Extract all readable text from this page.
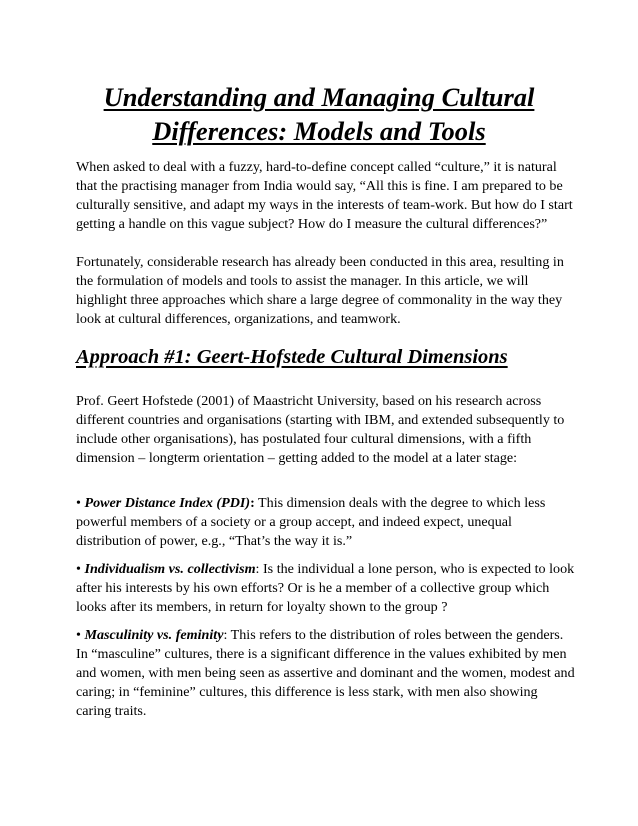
Understanding and Managing Cultural
Differences: Models and Tools

When asked to deal with a fuzzy, hard-to-define concept called “culture,” it is natural that the practising manager from India would say, “All this is fine. I am prepared to be culturally sensitive, and adapt my ways in the interests of team-work. But how do I start getting a handle on this vague subject? How do I measure the cultural differences?”

Fortunately, considerable research has already been conducted in this area, resulting in the formulation of models and tools to assist the manager. In this article, we will highlight three approaches which share a large degree of commonality in the way they look at cultural differences, organizations, and teamwork.

Approach #1: Geert-Hofstede Cultural Dimensions

Prof. Geert Hofstede (2001) of Maastricht University, based on his research across different countries and organisations (starting with IBM, and extended subsequently to include other organisations), has postulated four cultural dimensions, with a fifth dimension – longterm orientation – getting added to the model at a later stage:

• Power Distance Index (PDI): This dimension deals with the degree to which less powerful members of a society or a group accept, and indeed expect, unequal distribution of power, e.g., “That’s the way it is.”

• Individualism vs. collectivism: Is the individual a lone person, who is expected to look after his interests by his own efforts? Or is he a member of a collective group which looks after its members, in return for loyalty shown to the group ?

• Masculinity vs. feminity: This refers to the distribution of roles between the genders. In “masculine” cultures, there is a significant difference in the values exhibited by men and women, with men being seen as assertive and dominant and the women, modest and caring; in “feminine” cultures, this difference is less stark, with men also showing caring traits.
